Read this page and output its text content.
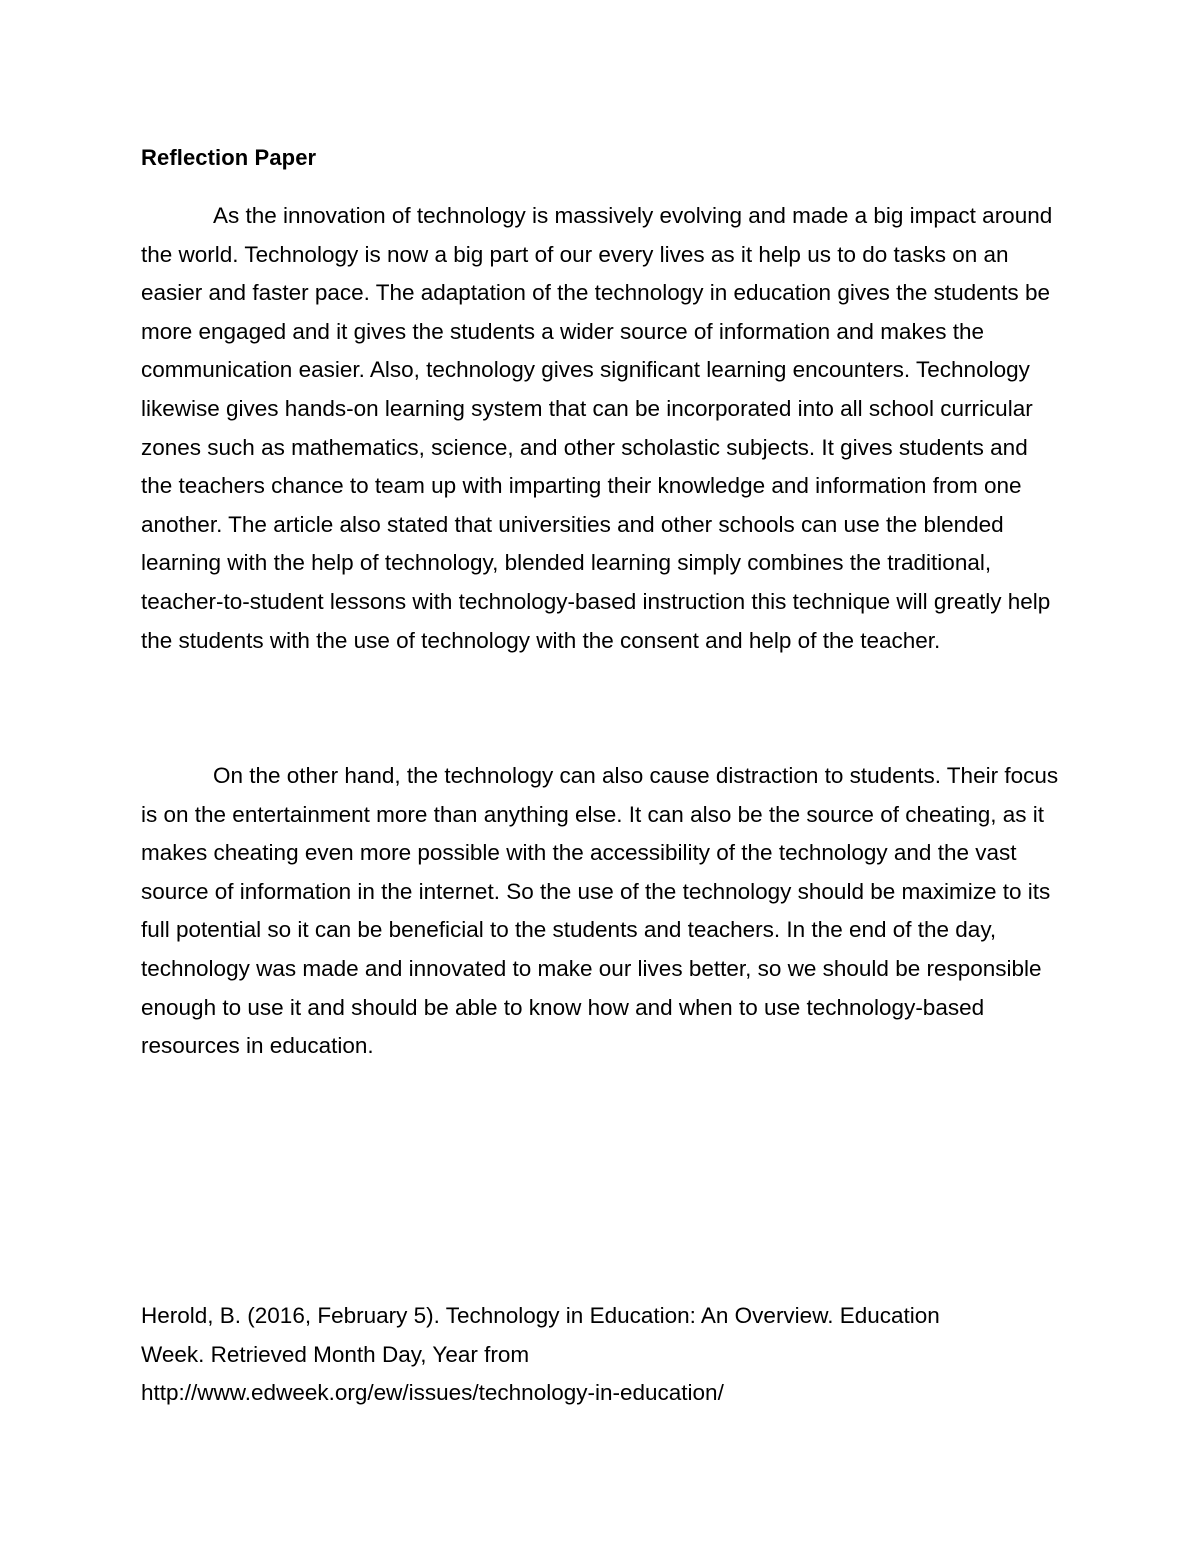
Reflection Paper

As the innovation of technology is massively evolving and made a big impact around the world. Technology is now a big part of our every lives as it help us to do tasks on an easier and faster pace. The adaptation of the technology in education gives the students be more engaged and it gives the students a wider source of information and makes the communication easier. Also, technology gives significant learning encounters. Technology likewise gives hands-on learning system that can be incorporated into all school curricular zones such as mathematics, science, and other scholastic subjects. It gives students and the teachers chance to team up with imparting their knowledge and information from one another. The article also stated that universities and other schools can use the blended learning with the help of technology, blended learning simply combines the traditional, teacher-to-student lessons with technology-based instruction this technique will greatly help the students with the use of technology with the consent and help of the teacher.

On the other hand, the technology can also cause distraction to students. Their focus is on the entertainment more than anything else. It can also be the source of cheating, as it makes cheating even more possible with the accessibility of the technology and the vast source of information in the internet. So the use of the technology should be maximize to its full potential so it can be beneficial to the students and teachers. In the end of the day, technology was made and innovated to make our lives better, so we should be responsible enough to use it and should be able to know how and when to use technology-based resources in education.

Herold, B. (2016, February 5). Technology in Education: An Overview. Education
Week. Retrieved Month Day, Year from
http://www.edweek.org/ew/issues/technology-in-education/
